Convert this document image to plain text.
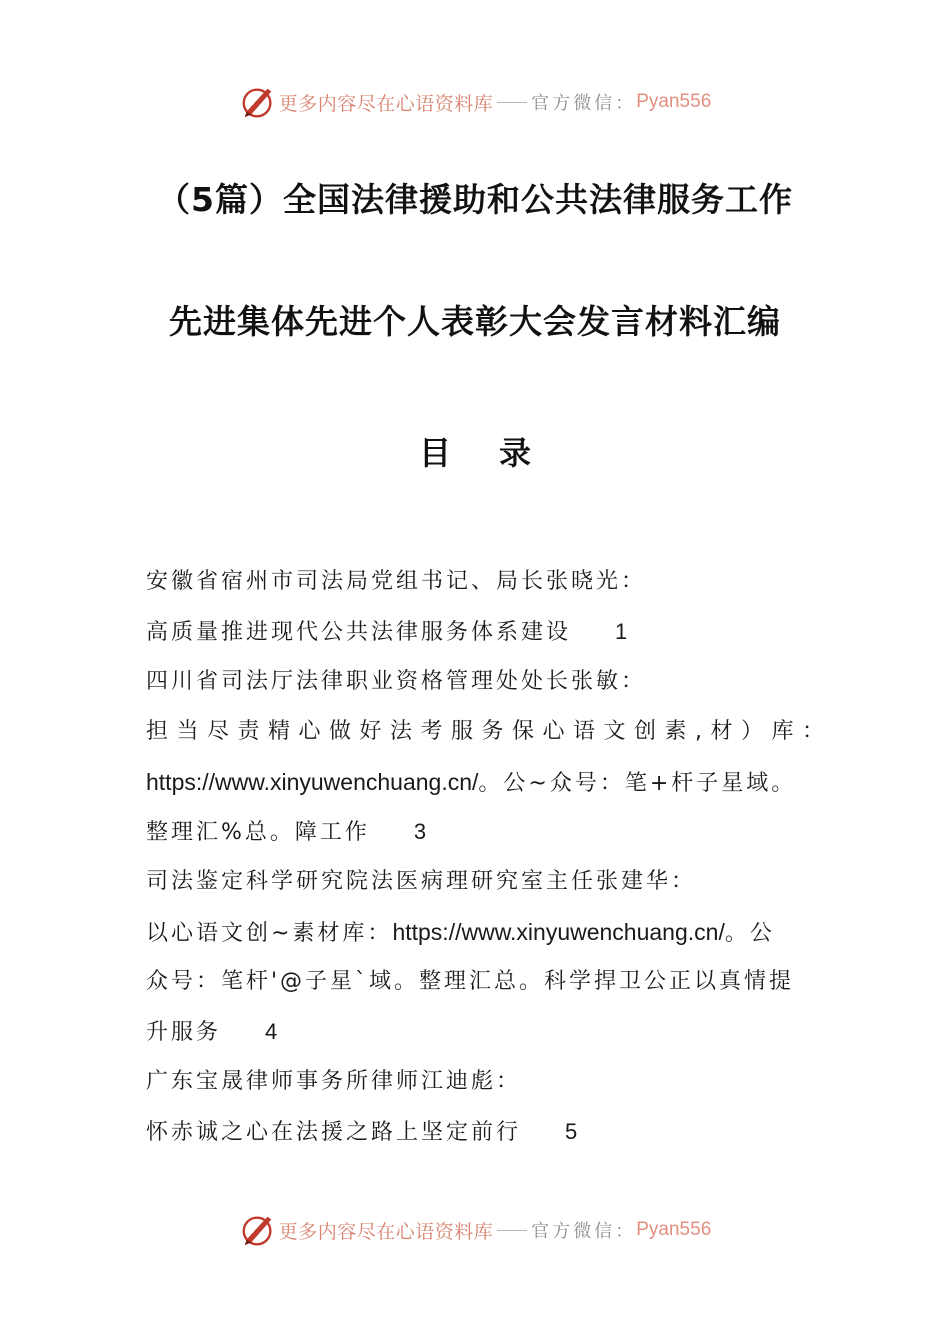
更多内容尽在心语资料库 官方微信： Pyan556
（5篇）全国法律援助和公共法律服务工作
先进集体先进个人表彰大会发言材料汇编
目 录
安徽省宿州市司法局党组书记、局长张晓光：
高质量推进现代公共法律服务体系建设 1
四川省司法厅法律职业资格管理处处长张敏：
担当尽责精心做好法考服务保心语文创素,材）库：
https://www.xinyuwenchuang.cn/。公~众号：笔+杆子星域。
整理汇%总。障工作 3
司法鉴定科学研究院法医病理研究室主任张建华：
以心语文创~素材库：https://www.xinyuwenchuang.cn/。公
众号：笔杆'@子星`域。整理汇总。科学捍卫公正以真情提
升服务 4
广东宝晟律师事务所律师江迪彪：
怀赤诚之心在法援之路上坚定前行 5
更多内容尽在心语资料库 官方微信： Pyan556
